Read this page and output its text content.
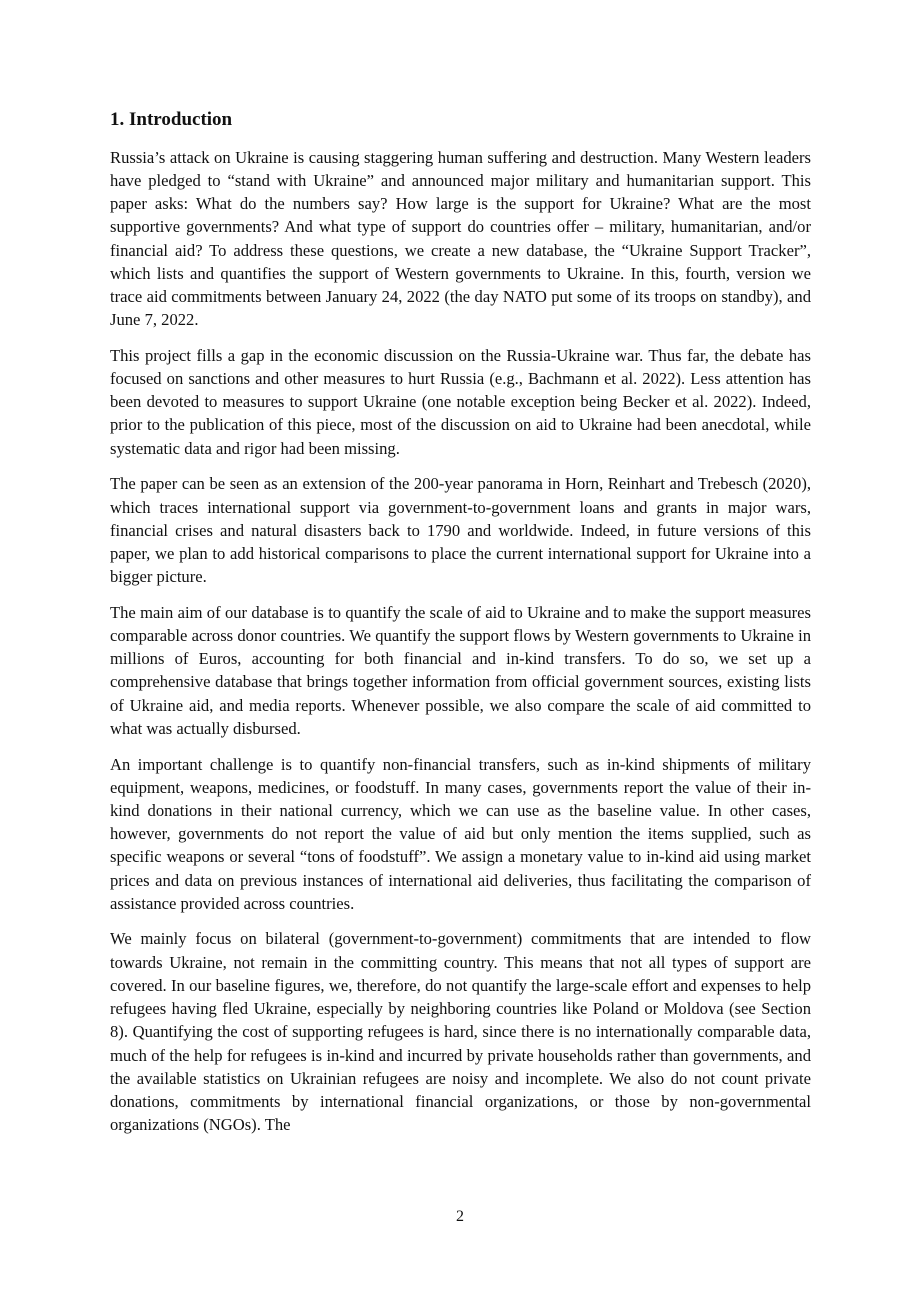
1. Introduction

Russia’s attack on Ukraine is causing staggering human suffering and destruction. Many Western leaders have pledged to “stand with Ukraine” and announced major military and humanitarian support. This paper asks: What do the numbers say? How large is the support for Ukraine? What are the most supportive governments? And what type of support do countries offer – military, humanitarian, and/or financial aid? To address these questions, we create a new database, the “Ukraine Support Tracker”, which lists and quantifies the support of Western governments to Ukraine. In this, fourth, version we trace aid commitments between January 24, 2022 (the day NATO put some of its troops on standby), and June 7, 2022.

This project fills a gap in the economic discussion on the Russia-Ukraine war. Thus far, the debate has focused on sanctions and other measures to hurt Russia (e.g., Bachmann et al. 2022). Less attention has been devoted to measures to support Ukraine (one notable exception being Becker et al. 2022). Indeed, prior to the publication of this piece, most of the discussion on aid to Ukraine had been anecdotal, while systematic data and rigor had been missing.

The paper can be seen as an extension of the 200-year panorama in Horn, Reinhart and Trebesch (2020), which traces international support via government-to-government loans and grants in major wars, financial crises and natural disasters back to 1790 and worldwide. Indeed, in future versions of this paper, we plan to add historical comparisons to place the current international support for Ukraine into a bigger picture.

The main aim of our database is to quantify the scale of aid to Ukraine and to make the support measures comparable across donor countries. We quantify the support flows by Western governments to Ukraine in millions of Euros, accounting for both financial and in-kind transfers. To do so, we set up a comprehensive database that brings together information from official government sources, existing lists of Ukraine aid, and media reports. Whenever possible, we also compare the scale of aid committed to what was actually disbursed.

An important challenge is to quantify non-financial transfers, such as in-kind shipments of military equipment, weapons, medicines, or foodstuff. In many cases, governments report the value of their in-kind donations in their national currency, which we can use as the baseline value. In other cases, however, governments do not report the value of aid but only mention the items supplied, such as specific weapons or several “tons of foodstuff”. We assign a monetary value to in-kind aid using market prices and data on previous instances of international aid deliveries, thus facilitating the comparison of assistance provided across countries.

We mainly focus on bilateral (government-to-government) commitments that are intended to flow towards Ukraine, not remain in the committing country. This means that not all types of support are covered. In our baseline figures, we, therefore, do not quantify the large-scale effort and expenses to help refugees having fled Ukraine, especially by neighboring countries like Poland or Moldova (see Section 8). Quantifying the cost of supporting refugees is hard, since there is no internationally comparable data, much of the help for refugees is in-kind and incurred by private households rather than governments, and the available statistics on Ukrainian refugees are noisy and incomplete. We also do not count private donations, commitments by international financial organizations, or those by non-governmental organizations (NGOs). The

2
